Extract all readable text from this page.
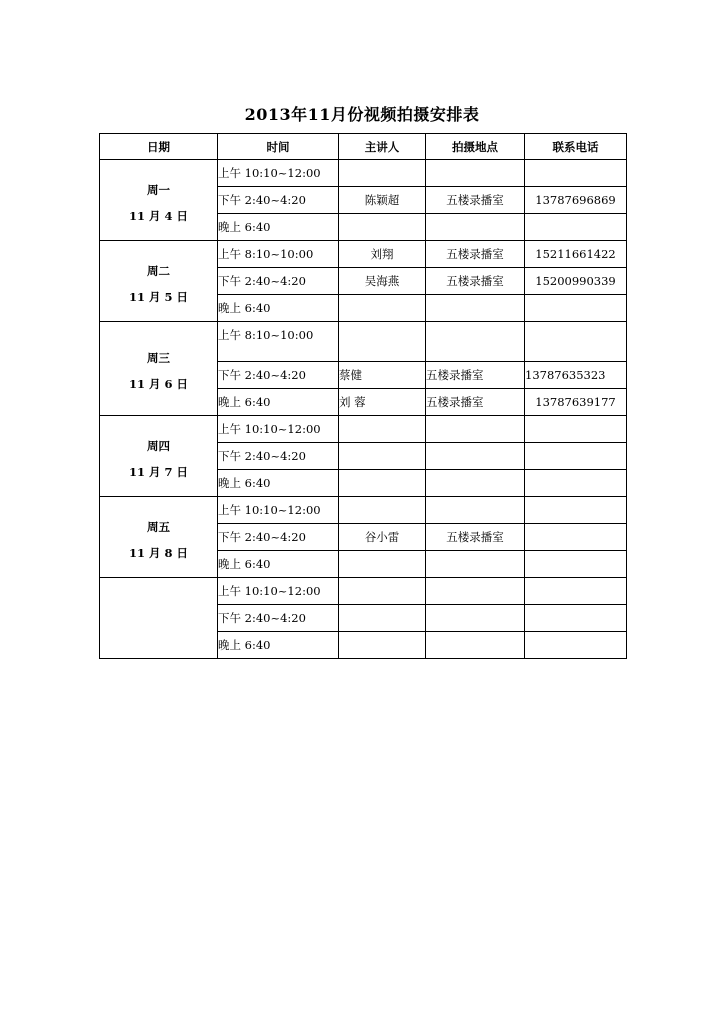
2013年11月份视频拍摄安排表
日期	时间	主讲人	拍摄地点	联系电话

周一
11 月 4 日	上午 10:10~12:00			
	下午 2:40~4:20	陈颖超	五楼录播室	13787696869
	晚上 6:40			

周二
11 月 5 日	上午 8:10~10:00	刘翔	五楼录播室	15211661422
	下午 2:40~4:20	吴海燕	五楼录播室	15200990339
	晚上 6:40			

周三
11 月 6 日	上午 8:10~10:00			
	下午 2:40~4:20	蔡健	五楼录播室	13787635323
	晚上 6:40	刘 蓉	五楼录播室	13787639177

周四
11 月 7 日	上午 10:10~12:00			
	下午 2:40~4:20			
	晚上 6:40			

周五
11 月 8 日	上午 10:10~12:00			
	下午 2:40~4:20	谷小雷	五楼录播室	
	晚上 6:40			

	上午 10:10~12:00			
	下午 2:40~4:20			
	晚上 6:40			
